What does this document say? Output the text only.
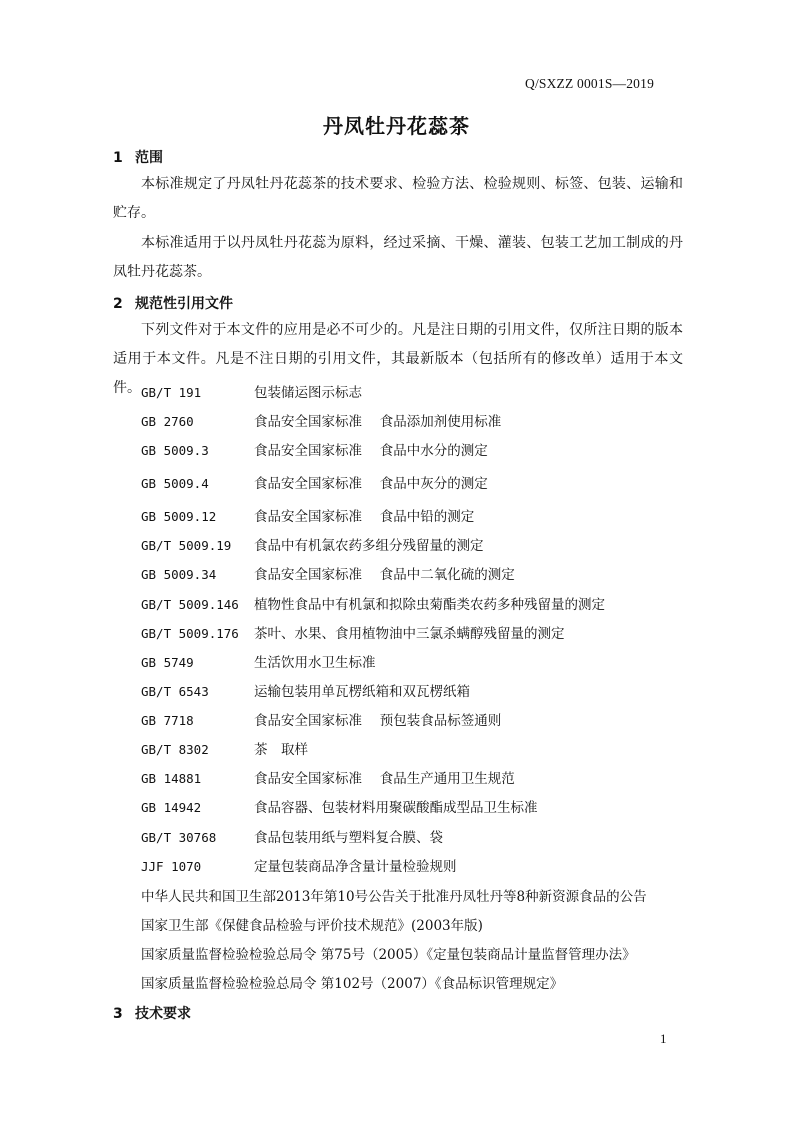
Q/SXZZ 0001S—2019
丹凤牡丹花蕊茶
1 范围
本标准规定了丹凤牡丹花蕊茶的技术要求、检验方法、检验规则、标签、包装、运输和贮存。
本标准适用于以丹凤牡丹花蕊为原料，经过采摘、干燥、灌装、包装工艺加工制成的丹凤牡丹花蕊茶。
2 规范性引用文件
下列文件对于本文件的应用是必不可少的。凡是注日期的引用文件，仅所注日期的版本适用于本文件。凡是不注日期的引用文件，其最新版本（包括所有的修改单）适用于本文件。 GB/T 191	包装储运图示标志
GB 2760	食品安全国家标准　 食品添加剂使用标准
GB 5009.3	食品安全国家标准　 食品中水分的测定
GB 5009.4	食品安全国家标准　 食品中灰分的测定
GB 5009.12	食品安全国家标准　 食品中铅的测定
GB/T 5009.19 食品中有机氯农药多组分残留量的测定
GB 5009.34	食品安全国家标准　 食品中二氧化硫的测定
GB/T 5009.146 植物性食品中有机氯和拟除虫菊酯类农药多种残留量的测定
GB/T 5009.176 茶叶、水果、食用植物油中三氯杀螨醇残留量的测定
GB 5749	生活饮用水卫生标准
GB/T 6543	运输包装用单瓦楞纸箱和双瓦楞纸箱
GB 7718	食品安全国家标准　 预包装食品标签通则
GB/T 8302	茶　取样
GB 14881	食品安全国家标准　 食品生产通用卫生规范
GB 14942	食品容器、包装材料用聚碳酸酯成型品卫生标准
GB/T 30768	食品包装用纸与塑料复合膜、袋
JJF 1070	定量包装商品净含量计量检验规则
中华人民共和国卫生部2013年第10号公告关于批准丹凤牡丹等8种新资源食品的公告
国家卫生部《保健食品检验与评价技术规范》(2003年版)
国家质量监督检验检验总局令 第75号（2005）《定量包装商品计量监督管理办法》
国家质量监督检验检验总局令 第102号（2007）《食品标识管理规定》
3 技术要求
1
